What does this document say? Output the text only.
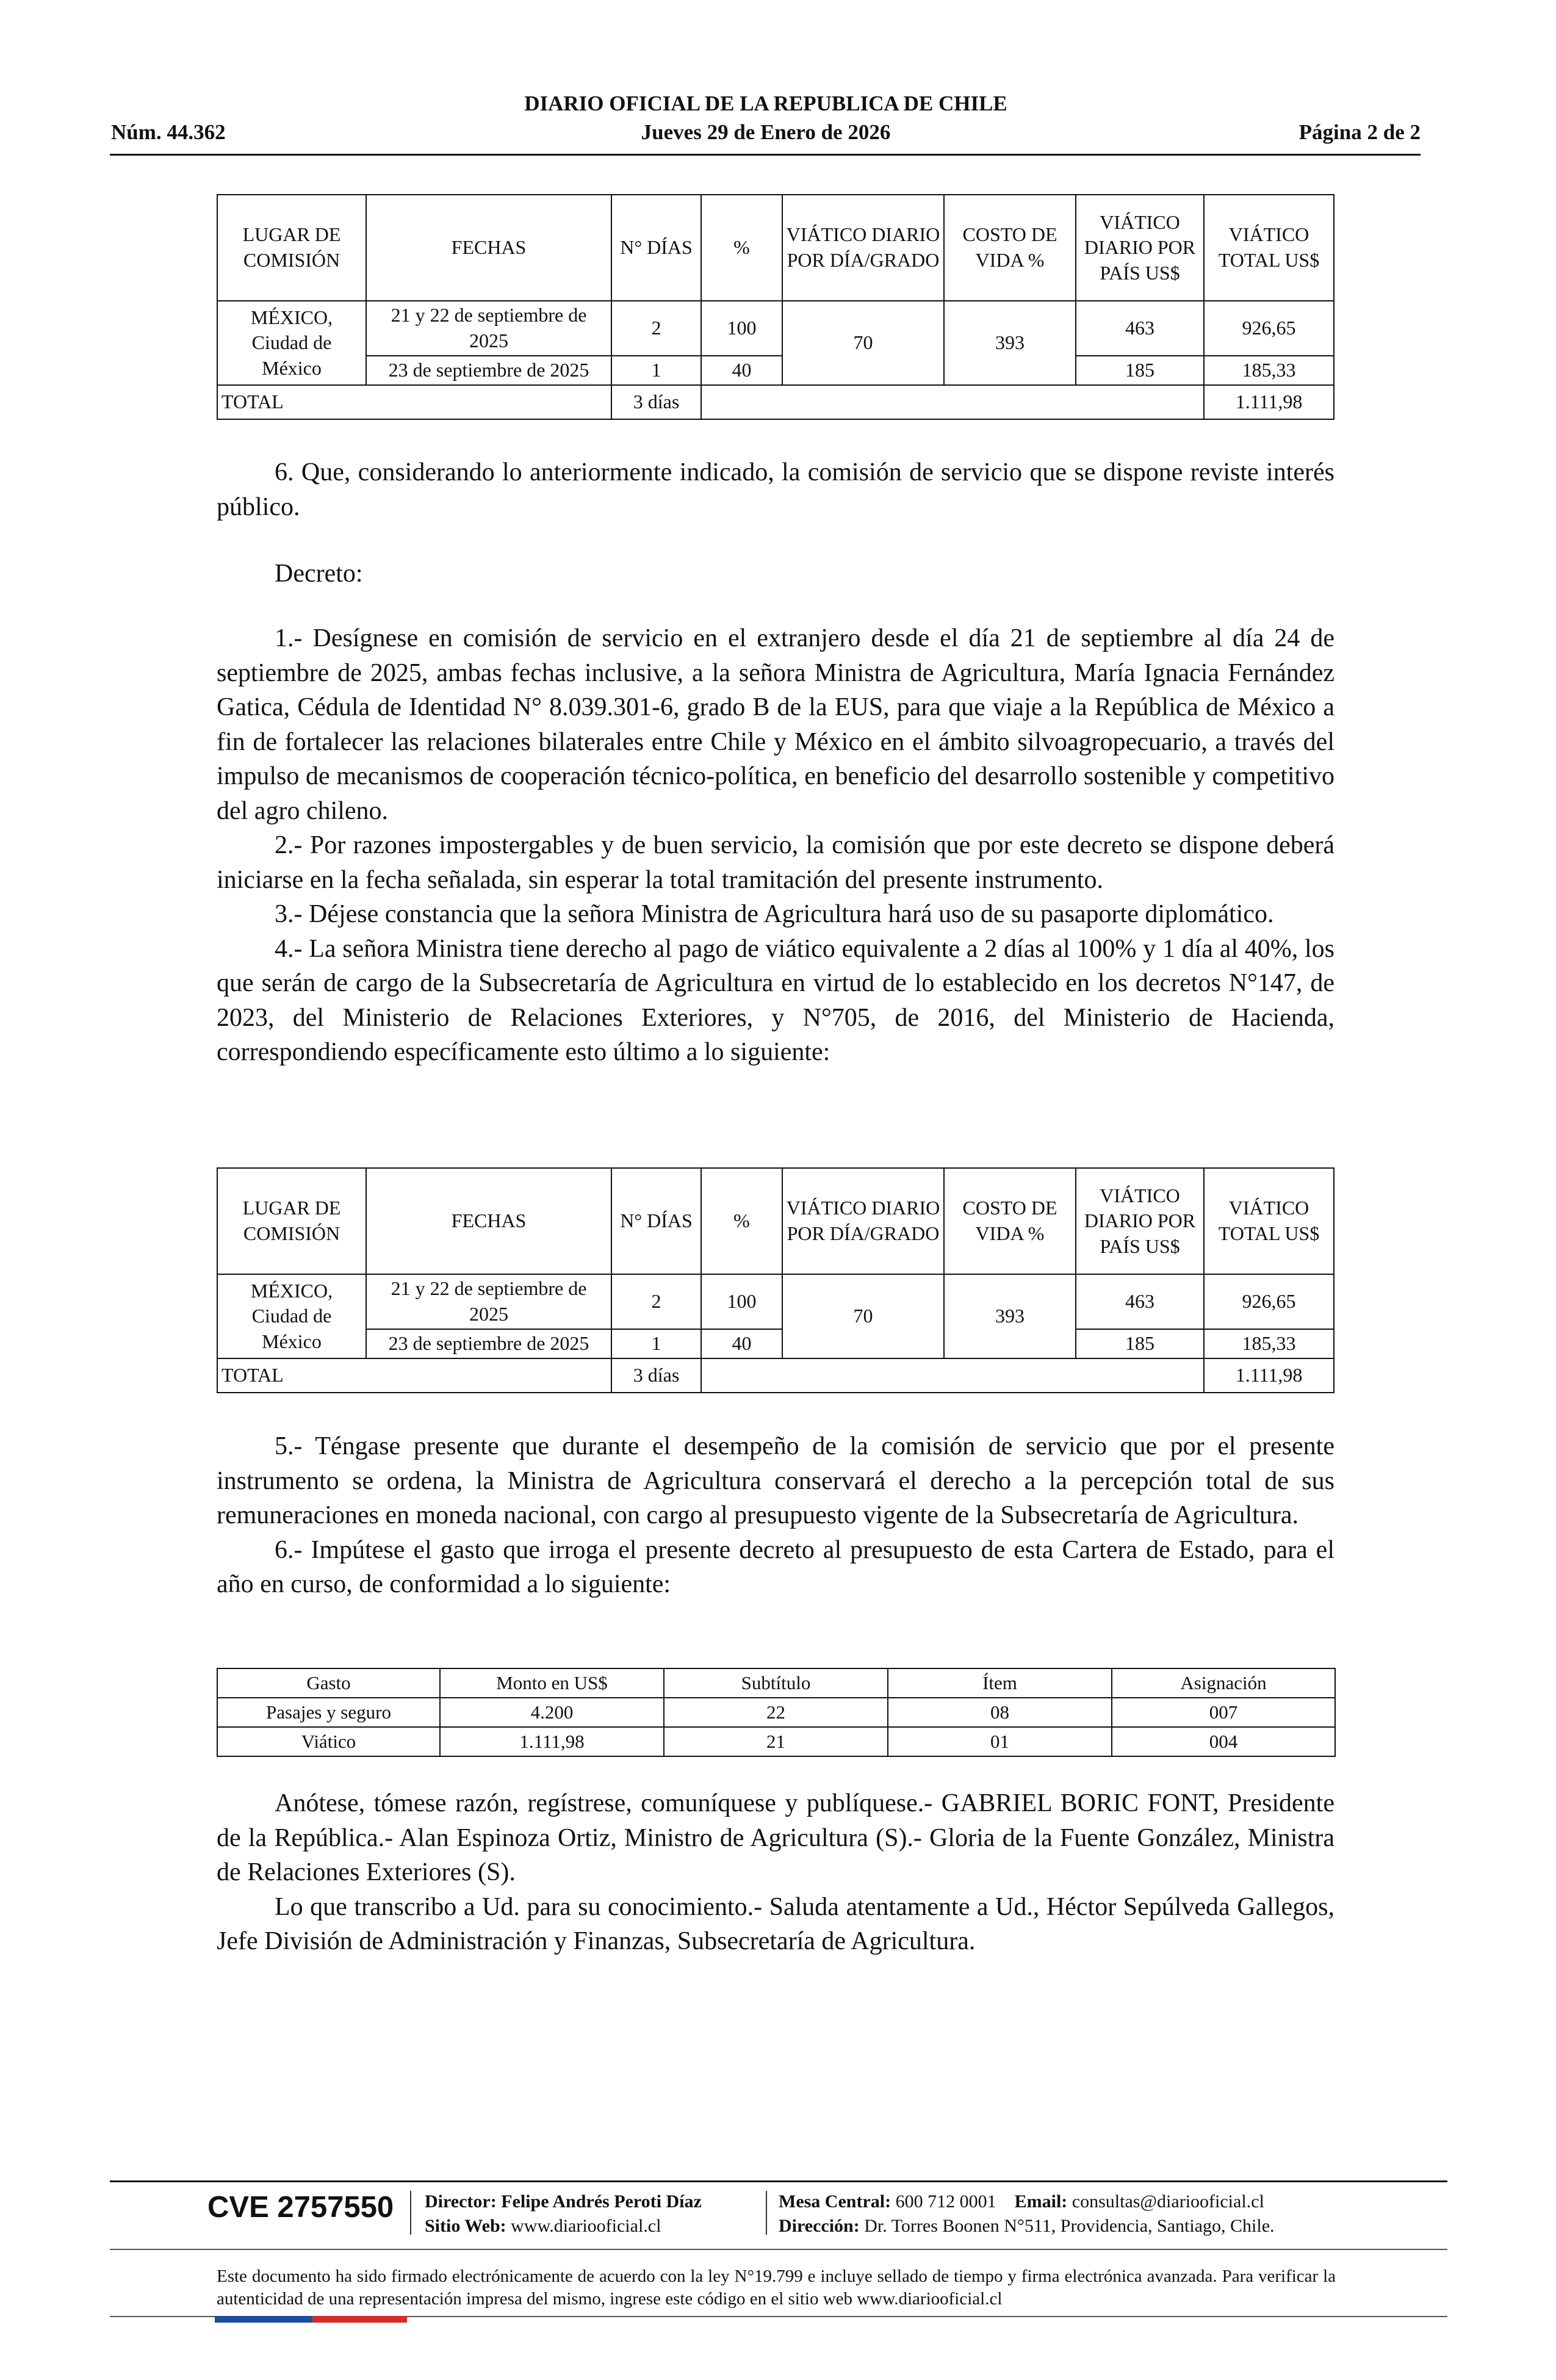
DIARIO OFICIAL DE LA REPUBLICA DE CHILE
Núm. 44.362	Jueves 29 de Enero de 2026	Página 2 de 2
LUGAR DE COMISIÓN	FECHAS	N° DÍAS	%	VIÁTICO DIARIO POR DÍA/GRADO	COSTO DE VIDA %	VIÁTICO DIARIO POR PAÍS US$	VIÁTICO TOTAL US$
MÉXICO, Ciudad de México	21 y 22 de septiembre de 2025	2	100	70	393	463	926,65
	23 de septiembre de 2025	1	40			185	185,33
TOTAL		3 días					1.111,98

6. Que, considerando lo anteriormente indicado, la comisión de servicio que se dispone reviste interés público.

Decreto:

1.- Desígnese en comisión de servicio en el extranjero desde el día 21 de septiembre al día 24 de septiembre de 2025, ambas fechas inclusive, a la señora Ministra de Agricultura, María Ignacia Fernández Gatica, Cédula de Identidad N° 8.039.301-6, grado B de la EUS, para que viaje a la República de México a fin de fortalecer las relaciones bilaterales entre Chile y México en el ámbito silvoagropecuario, a través del impulso de mecanismos de cooperación técnico-política, en beneficio del desarrollo sostenible y competitivo del agro chileno.

2.- Por razones impostergables y de buen servicio, la comisión que por este decreto se dispone deberá iniciarse en la fecha señalada, sin esperar la total tramitación del presente instrumento.

3.- Déjese constancia que la señora Ministra de Agricultura hará uso de su pasaporte diplomático.

4.- La señora Ministra tiene derecho al pago de viático equivalente a 2 días al 100% y 1 día al 40%, los que serán de cargo de la Subsecretaría de Agricultura en virtud de lo establecido en los decretos N°147, de 2023, del Ministerio de Relaciones Exteriores, y N°705, de 2016, del Ministerio de Hacienda, correspondiendo específicamente esto último a lo siguiente:

LUGAR DE COMISIÓN	FECHAS	N° DÍAS	%	VIÁTICO DIARIO POR DÍA/GRADO	COSTO DE VIDA %	VIÁTICO DIARIO POR PAÍS US$	VIÁTICO TOTAL US$
MÉXICO, Ciudad de México	21 y 22 de septiembre de 2025	2	100	70	393	463	926,65
	23 de septiembre de 2025	1	40			185	185,33
TOTAL		3 días					1.111,98

5.- Téngase presente que durante el desempeño de la comisión de servicio que por el presente instrumento se ordena, la Ministra de Agricultura conservará el derecho a la percepción total de sus remuneraciones en moneda nacional, con cargo al presupuesto vigente de la Subsecretaría de Agricultura.

6.- Impútese el gasto que irroga el presente decreto al presupuesto de esta Cartera de Estado, para el año en curso, de conformidad a lo siguiente:

Gasto	Monto en US$	Subtítulo	Ítem	Asignación
Pasajes y seguro	4.200	22	08	007
Viático	1.111,98	21	01	004

Anótese, tómese razón, regístrese, comuníquese y publíquese.- GABRIEL BORIC FONT, Presidente de la República.- Alan Espinoza Ortiz, Ministro de Agricultura (S).- Gloria de la Fuente González, Ministra de Relaciones Exteriores (S).

Lo que transcribo a Ud. para su conocimiento.- Saluda atentamente a Ud., Héctor Sepúlveda Gallegos, Jefe División de Administración y Finanzas, Subsecretaría de Agricultura.

CVE 2757550 Director: Felipe Andrés Peroti Díaz
Sitio Web: www.diariooficial.cl
Mesa Central: 600 712 0001 Email: consultas@diariooficial.cl
Dirección: Dr. Torres Boonen N°511, Providencia, Santiago, Chile.
Este documento ha sido firmado electrónicamente de acuerdo con la ley N°19.799 e incluye sellado de tiempo y firma electrónica avanzada. Para verificar la autenticidad de una representación impresa del mismo, ingrese este código en el sitio web www.diariooficial.cl
